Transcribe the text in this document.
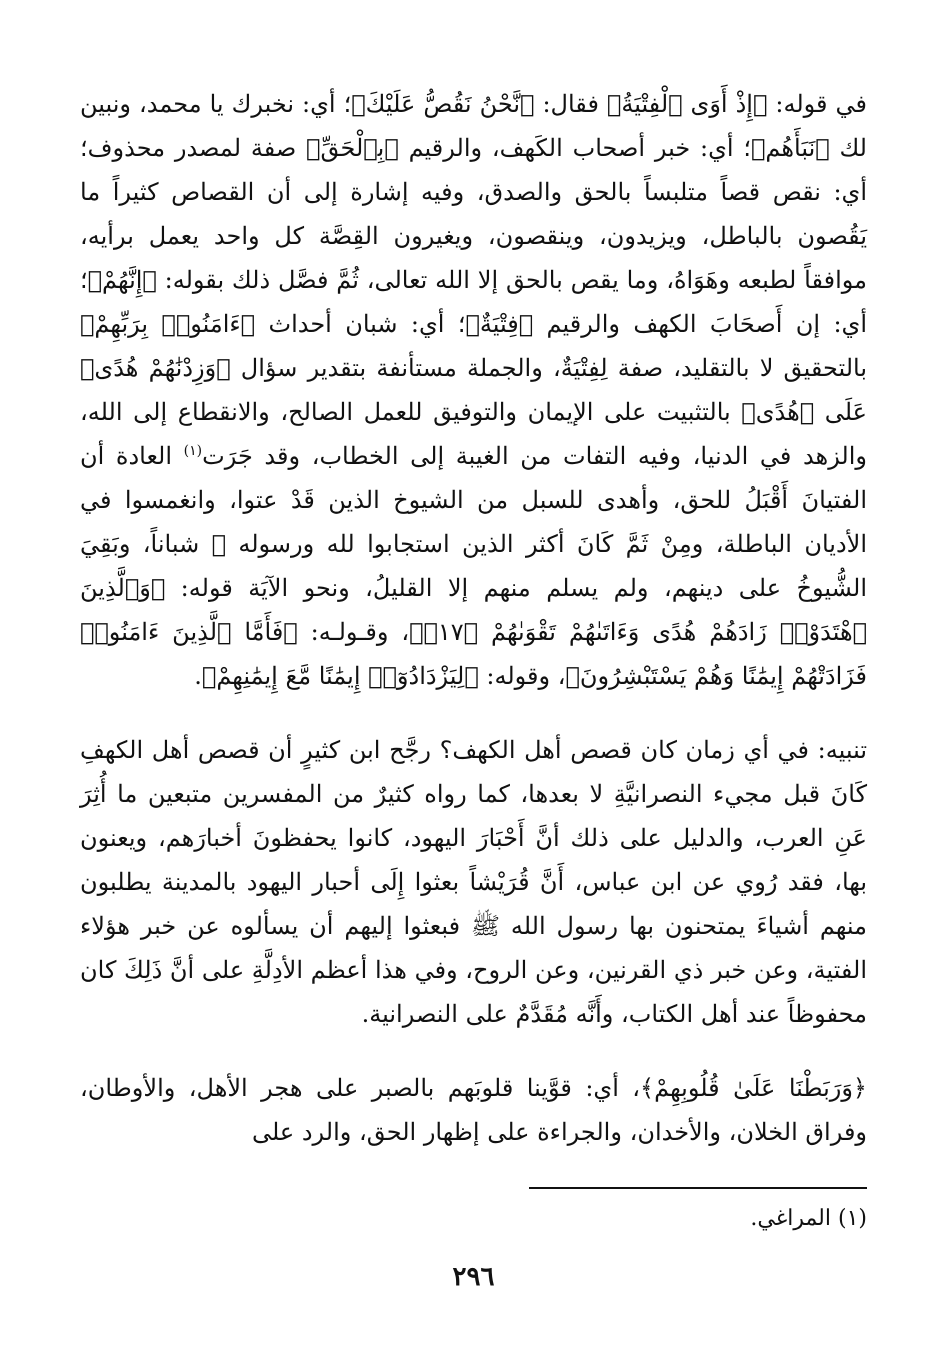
في قوله: ﴿إِذْ أَوَى ٱلْفِتْيَةُ﴾ فقال: ﴿نَّحْنُ نَقُصُّ عَلَيْكَ﴾؛ أي: نخبرك يا محمد، ونبين لك ﴿نَبَأَهُم﴾؛ أي: خبر أصحاب الكَهف، والرقيم ﴿بِٱلْحَقِّ﴾ صفة لمصدر محذوف؛ أي: نقص قصاً متلبساً بالحق والصدق، وفيه إشارة إلى أن القصاص كثيراً ما يَقُصون بالباطل، ويزيدون، وينقصون، ويغيرون القِصَّة كل واحد يعمل برأيه، موافقاً لطبعه وهَوَاهُ، وما يقص بالحق إلا الله تعالى، ثُمَّ فصَّل ذلك بقوله: ﴿إِنَّهُمْ﴾؛ أي: إن أَصحَابَ الكهف والرقيم ﴿فِتْيَةٌ﴾؛ أي: شبان أحداث ﴿ءَامَنُوا۟ بِرَبِّهِمْ﴾ بالتحقيق لا بالتقليد، صفة لِفِتْيَةٌ، والجملة مستأنفة بتقدير سؤال ﴿وَزِدْنَٰهُمْ هُدًى﴾ عَلَى ﴿هُدًى﴾ بالتثبيت على الإيمان والتوفيق للعمل الصالح، والانقطاع إلى الله، والزهد في الدنيا، وفيه التفات من الغيبة إلى الخطاب، وقد جَرَت$^{(١)}$ العادة أن الفتيانَ أَقْبَلُ للحق، وأهدى للسبل من الشيوخ الذين قَدْ عتوا، وانغمسوا في الأديان الباطلة، ومِنْ ثَمَّ كَانَ أكثر الذين استجابوا لله ورسوله ﷺ شباناً، وبَقِيَ الشُّيوخُ على دينهم، ولم يسلم منهم إلا القليلُ، ونحو الآيَة قوله: ﴿وَٱلَّذِينَ ٱهْتَدَوْا۟ زَادَهُمْ هُدًى وَءَاتَىٰهُمْ تَقْوَىٰهُمْ ﴿١٧﴾﴾، وقـولـه: ﴿فَأَمَّا ٱلَّذِينَ ءَامَنُوا۟ فَزَادَتْهُمْ إِيمَٰنًا وَهُمْ يَسْتَبْشِرُونَ﴾، وقوله: ﴿لِيَزْدَادُوٓا۟ إِيمَٰنًا مَّعَ إِيمَٰنِهِمْ﴾.

تنبيه: في أي زمان كان قصص أهل الكهف؟ رجَّح ابن كثيرٍ أن قصص أهل الكهفِ كَانَ قبل مجيء النصرانيَّةِ لا بعدها، كما رواه كثيرٌ من المفسرين متبعين ما أُثِرَ عَنِ العرب، والدليل على ذلك أنَّ أَحْبَارَ اليهود، كانوا يحفظونَ أخبارَهم، ويعنون بها، فقد رُوي عن ابن عباس، أَنَّ قُرَيْشاً بعثوا إِلَى أحبار اليهود بالمدينة يطلبون منهم أشياءَ يمتحنون بها رسول الله ﷺ فبعثوا إليهم أن يسألوه عن خبر هؤلاء الفتية، وعن خبر ذي القرنين، وعن الروح، وفي هذا أعظم الأدِلَّةِ على أنَّ ذَلِكَ كان محفوظاً عند أهل الكتاب، وأَنَّه مُقَدَّمٌ على النصرانية.

﴿وَرَبَطْنَا عَلَىٰ قُلُوبِهِمْ﴾، أي: قوَّينا قلوبَهم بالصبر على هجر الأهل، والأوطان، وفراق الخلان، والأخدان، والجراءة على إظهار الحق، والرد على

(١) المراغي.
٢٩٦
